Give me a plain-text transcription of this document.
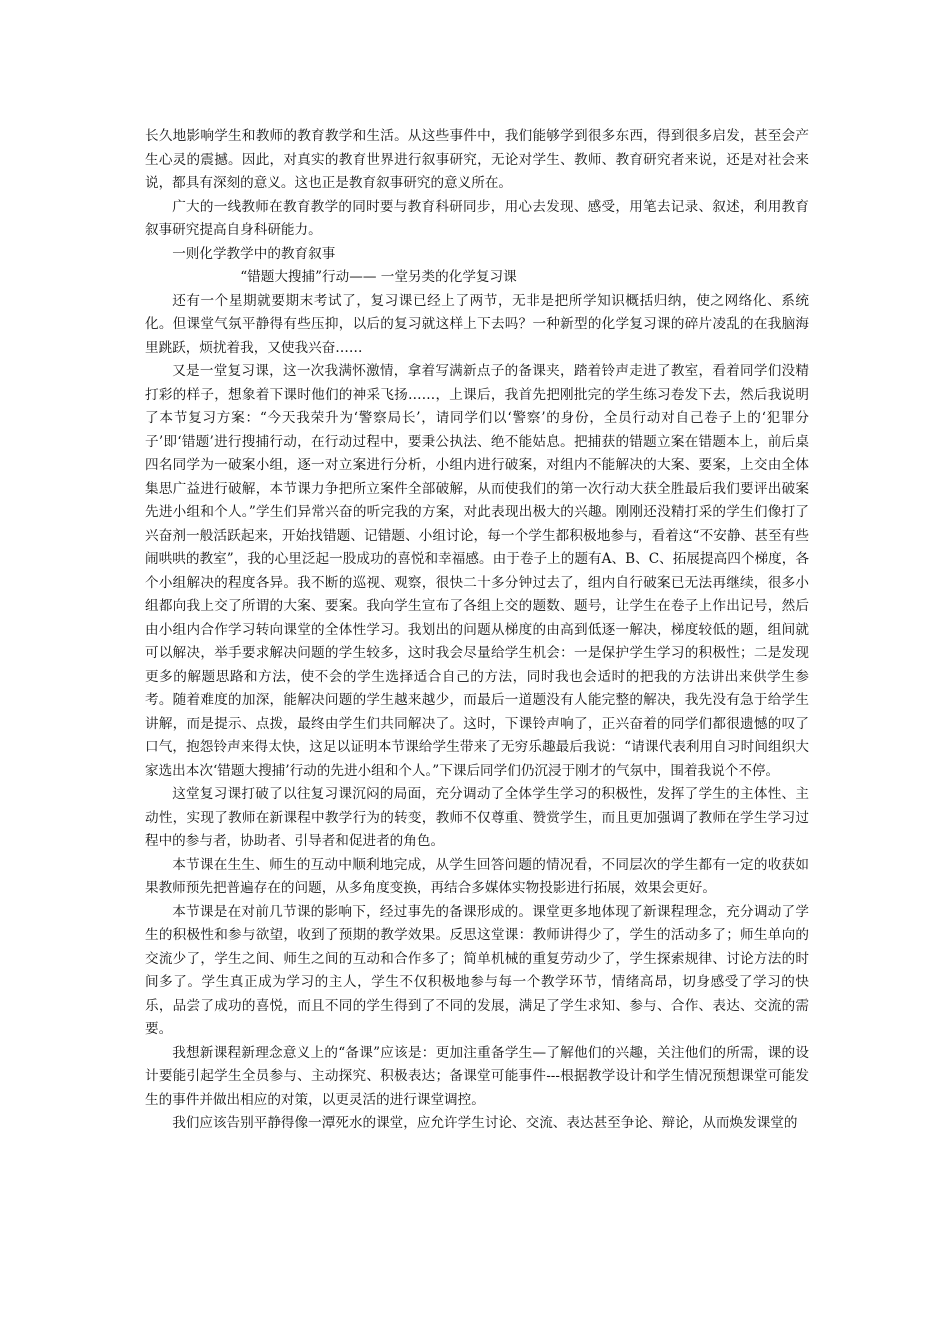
长久地影响学生和教师的教育教学和生活。从这些事件中，我们能够学到很多东西，得到很多启发，甚至会产生心灵的震撼。因此，对真实的教育世界进行叙事研究，无论对学生、教师、教育研究者来说，还是对社会来说，都具有深刻的意义。这也正是教育叙事研究的意义所在。

广大的一线教师在教育教学的同时要与教育科研同步，用心去发现、感受，用笔去记录、叙述，利用教育叙事研究提高自身科研能力。

一则化学教学中的教育叙事

“错题大搜捕”行动—— 一堂另类的化学复习课

还有一个星期就要期末考试了，复习课已经上了两节，无非是把所学知识概括归纳，使之网络化、系统化。但课堂气氛平静得有些压抑，以后的复习就这样上下去吗？一种新型的化学复习课的碎片凌乱的在我脑海里跳跃，烦扰着我，又使我兴奋……

又是一堂复习课，这一次我满怀激情，拿着写满新点子的备课夹，踏着铃声走进了教室，看着同学们没精打彩的样子，想象着下课时他们的神采飞扬……，上课后，我首先把刚批完的学生练习卷发下去，然后我说明了本节复习方案：“今天我荣升为‘警察局长’，请同学们以‘警察’的身份，全员行动对自己卷子上的‘犯罪分子’即‘错题’进行搜捕行动，在行动过程中，要秉公执法、绝不能姑息。把捕获的错题立案在错题本上，前后桌四名同学为一破案小组，逐一对立案进行分析，小组内进行破案，对组内不能解决的大案、要案，上交由全体集思广益进行破解，本节课力争把所立案件全部破解，从而使我们的第一次行动大获全胜最后我们要评出破案先进小组和个人。”学生们异常兴奋的听完我的方案，对此表现出极大的兴趣。刚刚还没精打采的学生们像打了兴奋剂一般活跃起来，开始找错题、记错题、小组讨论，每一个学生都积极地参与，看着这“不安静、甚至有些闹哄哄的教室”，我的心里泛起一股成功的喜悦和幸福感。由于卷子上的题有A、B、C、拓展提高四个梯度，各个小组解决的程度各异。我不断的巡视、观察，很快二十多分钟过去了，组内自行破案已无法再继续，很多小组都向我上交了所谓的大案、要案。我向学生宣布了各组上交的题数、题号，让学生在卷子上作出记号，然后由小组内合作学习转向课堂的全体性学习。我划出的问题从梯度的由高到低逐一解决，梯度较低的题，组间就可以解决，举手要求解决问题的学生较多，这时我会尽量给学生机会：一是保护学生学习的积极性；二是发现更多的解题思路和方法，使不会的学生选择适合自己的方法，同时我也会适时的把我的方法讲出来供学生参考。随着难度的加深，能解决问题的学生越来越少，而最后一道题没有人能完整的解决，我先没有急于给学生讲解，而是提示、点拨，最终由学生们共同解决了。这时，下课铃声响了，正兴奋着的同学们都很遗憾的叹了口气，抱怨铃声来得太快，这足以证明本节课给学生带来了无穷乐趣最后我说：“请课代表利用自习时间组织大家选出本次‘错题大搜捕’行动的先进小组和个人。”下课后同学们仍沉浸于刚才的气氛中，围着我说个不停。

这堂复习课打破了以往复习课沉闷的局面，充分调动了全体学生学习的积极性，发挥了学生的主体性、主动性，实现了教师在新课程中教学行为的转变，教师不仅尊重、赞赏学生，而且更加强调了教师在学生学习过程中的参与者，协助者、引导者和促进者的角色。

本节课在生生、师生的互动中顺利地完成，从学生回答问题的情况看，不同层次的学生都有一定的收获如果教师预先把普遍存在的问题，从多角度变换，再结合多媒体实物投影进行拓展，效果会更好。

本节课是在对前几节课的影响下，经过事先的备课形成的。课堂更多地体现了新课程理念，充分调动了学生的积极性和参与欲望，收到了预期的教学效果。反思这堂课：教师讲得少了，学生的活动多了；师生单向的交流少了，学生之间、师生之间的互动和合作多了；简单机械的重复劳动少了，学生探索规律、讨论方法的时间多了。学生真正成为学习的主人，学生不仅积极地参与每一个教学环节，情绪高昂，切身感受了学习的快乐，品尝了成功的喜悦，而且不同的学生得到了不同的发展，满足了学生求知、参与、合作、表达、交流的需要。

我想新课程新理念意义上的“备课”应该是：更加注重备学生—了解他们的兴趣，关注他们的所需，课的设计要能引起学生全员参与、主动探究、积极表达；备课堂可能事件---根据教学设计和学生情况预想课堂可能发生的事件并做出相应的对策，以更灵活的进行课堂调控。

我们应该告别平静得像一潭死水的课堂，应允许学生讨论、交流、表达甚至争论、辩论，从而焕发课堂的
